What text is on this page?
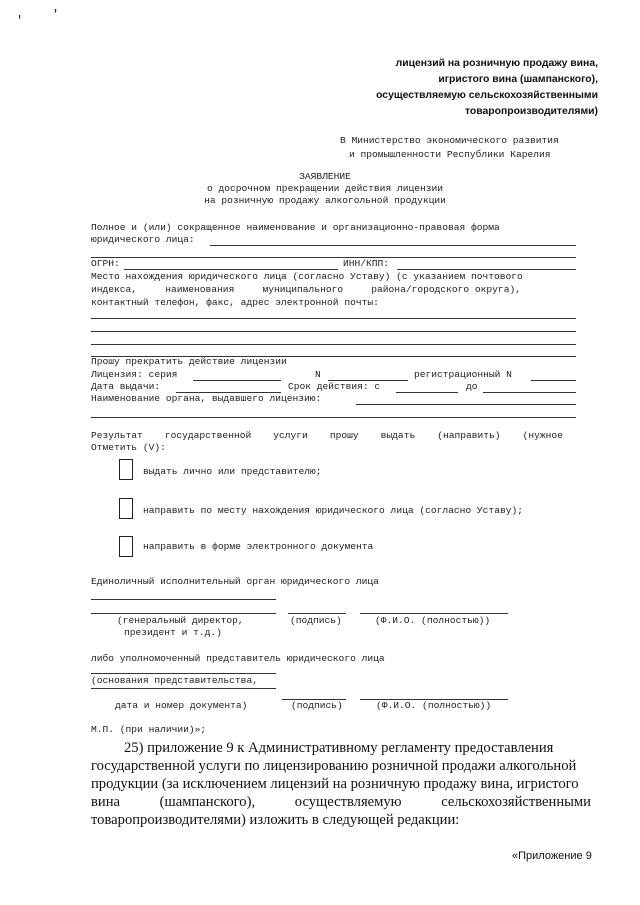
' '
лицензий на розничную продажу вина,
игристого вина (шампанского),
осуществляемую сельскохозяйственными
товаропроизводителями)
В Министерство экономического развития
и промышленности Республики Карелия
ЗАЯВЛЕНИЕ
о досрочном прекращении действия лицензии
на розничную продажу алкогольной продукции
Полное и (или) сокращенное наименование и организационно-правовая форма
юридического лица:
ОГРН:	ИНН/КПП:
Место нахождения юридического лица (согласно Уставу) (с указанием почтового
индекса,	наименования	муниципального	района/городского округа),
контактный телефон, факс, адрес электронной почты:
Прошу прекратить действие лицензии
Лицензия: серия	N	регистрационный N
Дата выдачи:	Срок действия: с	до
Наименование органа, выдавшего лицензию:
Результат государственной услуги прошу выдать (направить) (нужное
Отметить (V):
выдать лично или представителю;
направить по месту нахождения юридического лица (согласно Уставу);
направить в форме электронного документа
Единоличный исполнительный орган юридического лица
(генеральный директор,
президент и т.д.)
(подпись)	(Ф.И.О. (полностью))
либо уполномоченный представитель юридического лица
(основания представительства,
дата и номер документа)	(подпись)	(Ф.И.О. (полностью))
М.П. (при наличии)»;
25) приложение 9 к Административному регламенту предоставления
государственной услуги по лицензированию розничной продажи алкогольной
продукции (за исключением лицензий на розничную продажу вина, игристого
вина	(шампанского),	осуществляемую	сельскохозяйственными
товаропроизводителями) изложить в следующей редакции:
«Приложение 9
